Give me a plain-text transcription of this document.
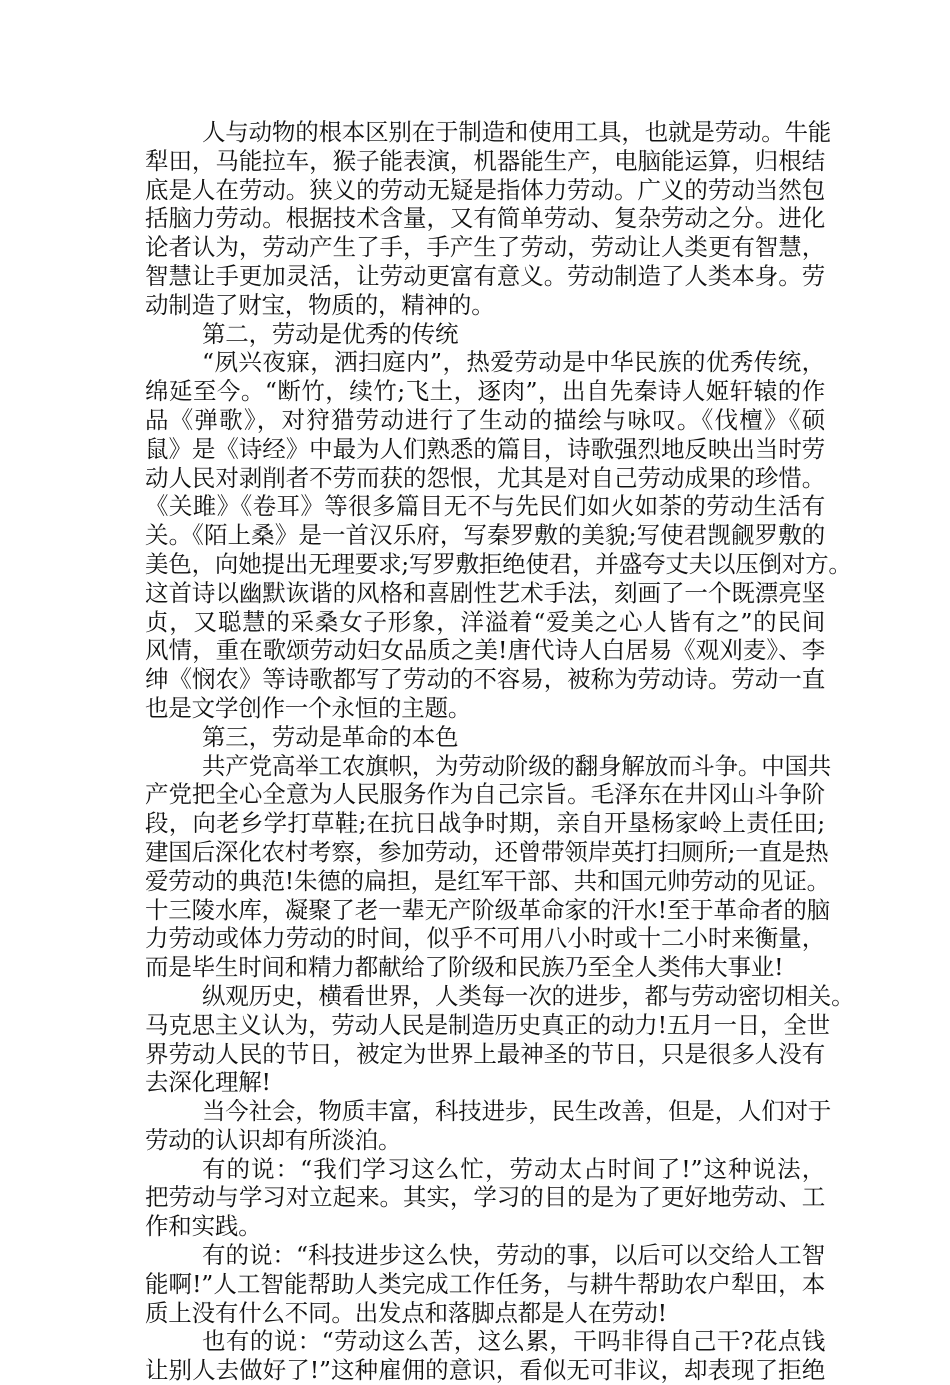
人与动物的根本区别在于制造和使用工具，也就是劳动。牛能
犁田，马能拉车，猴子能表演，机器能生产，电脑能运算，归根结
底是人在劳动。狭义的劳动无疑是指体力劳动。广义的劳动当然包
括脑力劳动。根据技术含量，又有简单劳动、复杂劳动之分。进化
论者认为，劳动产生了手，手产生了劳动，劳动让人类更有智慧，
智慧让手更加灵活，让劳动更富有意义。劳动制造了人类本身。劳
动制造了财宝，物质的，精神的。
第二，劳动是优秀的传统
“夙兴夜寐，洒扫庭内”，热爱劳动是中华民族的优秀传统，
绵延至今。“断竹，续竹;飞土，逐肉”，出自先秦诗人姬轩辕的作
品《弹歌》，对狩猎劳动进行了生动的描绘与咏叹。《伐檀》《硕
鼠》是《诗经》中最为人们熟悉的篇目，诗歌强烈地反映出当时劳
动人民对剥削者不劳而获的怨恨，尤其是对自己劳动成果的珍惜。
《关雎》《卷耳》等很多篇目无不与先民们如火如荼的劳动生活有
关。《陌上桑》是一首汉乐府，写秦罗敷的美貌;写使君觊觎罗敷的
美色，向她提出无理要求;写罗敷拒绝使君，并盛夸丈夫以压倒对方。
这首诗以幽默诙谐的风格和喜剧性艺术手法，刻画了一个既漂亮坚
贞，又聪慧的采桑女子形象，洋溢着“爱美之心人皆有之”的民间
风情，重在歌颂劳动妇女品质之美!唐代诗人白居易《观刈麦》、李
绅《悯农》等诗歌都写了劳动的不容易，被称为劳动诗。劳动一直
也是文学创作一个永恒的主题。
第三，劳动是革命的本色
共产党高举工农旗帜，为劳动阶级的翻身解放而斗争。中国共
产党把全心全意为人民服务作为自己宗旨。毛泽东在井冈山斗争阶
段，向老乡学打草鞋;在抗日战争时期，亲自开垦杨家岭上责任田;
建国后深化农村考察，参加劳动，还曾带领岸英打扫厕所;一直是热
爱劳动的典范!朱德的扁担，是红军干部、共和国元帅劳动的见证。
十三陵水库，凝聚了老一辈无产阶级革命家的汗水!至于革命者的脑
力劳动或体力劳动的时间，似乎不可用八小时或十二小时来衡量，
而是毕生时间和精力都献给了阶级和民族乃至全人类伟大事业!
纵观历史，横看世界，人类每一次的进步，都与劳动密切相关。
马克思主义认为，劳动人民是制造历史真正的动力!五月一日，全世
界劳动人民的节日，被定为世界上最神圣的节日，只是很多人没有
去深化理解!
当今社会，物质丰富，科技进步，民生改善，但是，人们对于
劳动的认识却有所淡泊。
有的说：“我们学习这么忙，劳动太占时间了!”这种说法，
把劳动与学习对立起来。其实，学习的目的是为了更好地劳动、工
作和实践。
有的说：“科技进步这么快，劳动的事，以后可以交给人工智
能啊!”人工智能帮助人类完成工作任务，与耕牛帮助农户犁田，本
质上没有什么不同。出发点和落脚点都是人在劳动!
也有的说：“劳动这么苦，这么累，干吗非得自己干?花点钱
让别人去做好了!”这种雇佣的意识，看似无可非议，却表现了拒绝
